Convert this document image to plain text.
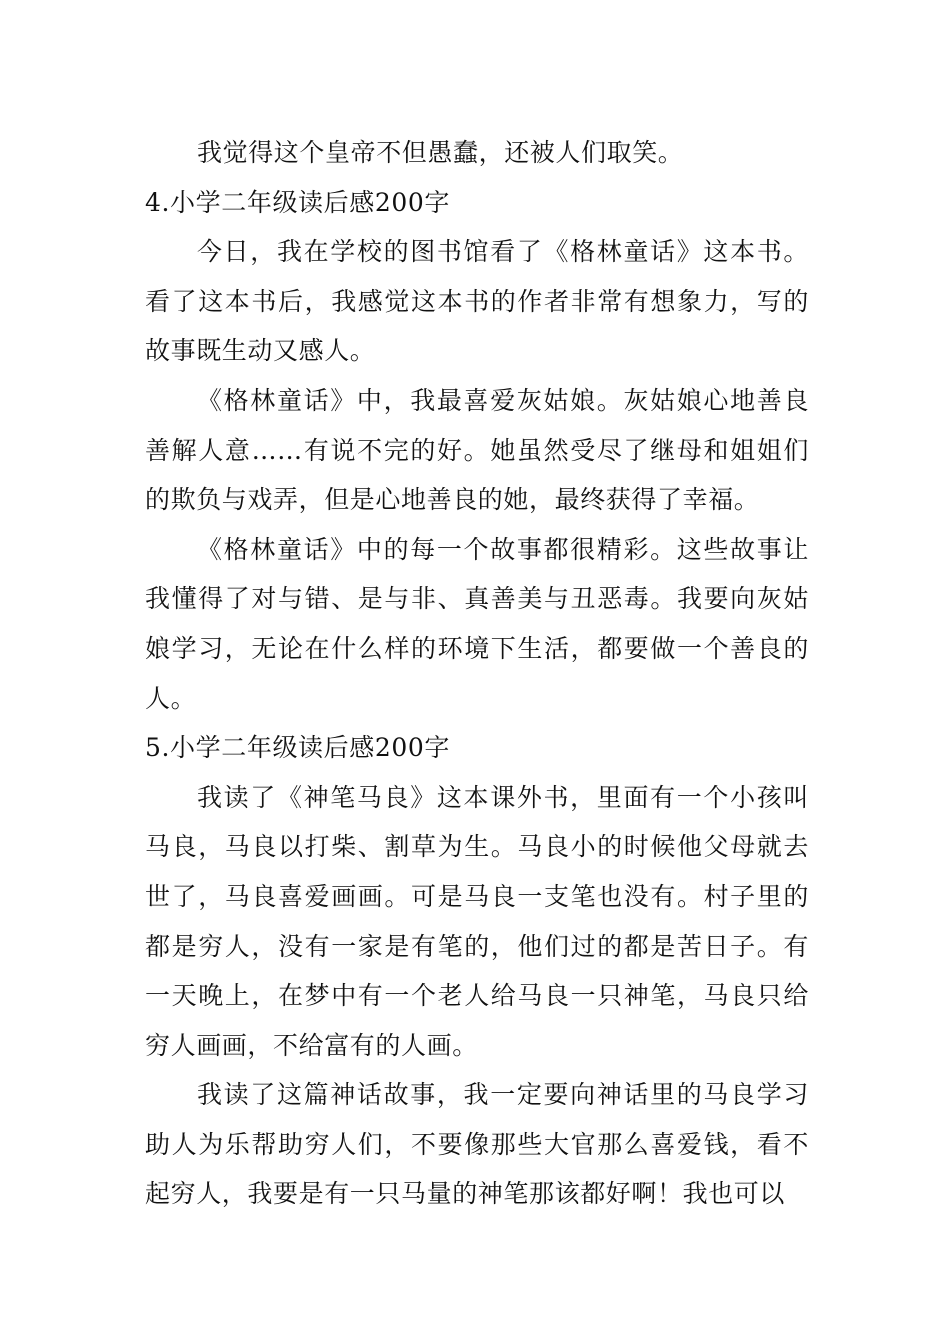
我觉得这个皇帝不但愚蠢，还被人们取笑。

4.小学二年级读后感200字

今日，我在学校的图书馆看了《格林童话》这本书。看了这本书后，我感觉这本书的作者非常有想象力，写的故事既生动又感人。

《格林童话》中，我最喜爱灰姑娘。灰姑娘心地善良善解人意……有说不完的好。她虽然受尽了继母和姐姐们的欺负与戏弄，但是心地善良的她，最终获得了幸福。

《格林童话》中的每一个故事都很精彩。这些故事让我懂得了对与错、是与非、真善美与丑恶毒。我要向灰姑娘学习，无论在什么样的环境下生活，都要做一个善良的人。

5.小学二年级读后感200字

我读了《神笔马良》这本课外书，里面有一个小孩叫马良，马良以打柴、割草为生。马良小的时候他父母就去世了，马良喜爱画画。可是马良一支笔也没有。村子里的都是穷人，没有一家是有笔的，他们过的都是苦日子。有一天晚上，在梦中有一个老人给马良一只神笔，马良只给穷人画画，不给富有的人画。

我读了这篇神话故事，我一定要向神话里的马良学习助人为乐帮助穷人们，不要像那些大官那么喜爱钱，看不起穷人，我要是有一只马量的神笔那该都好啊！我也可以
